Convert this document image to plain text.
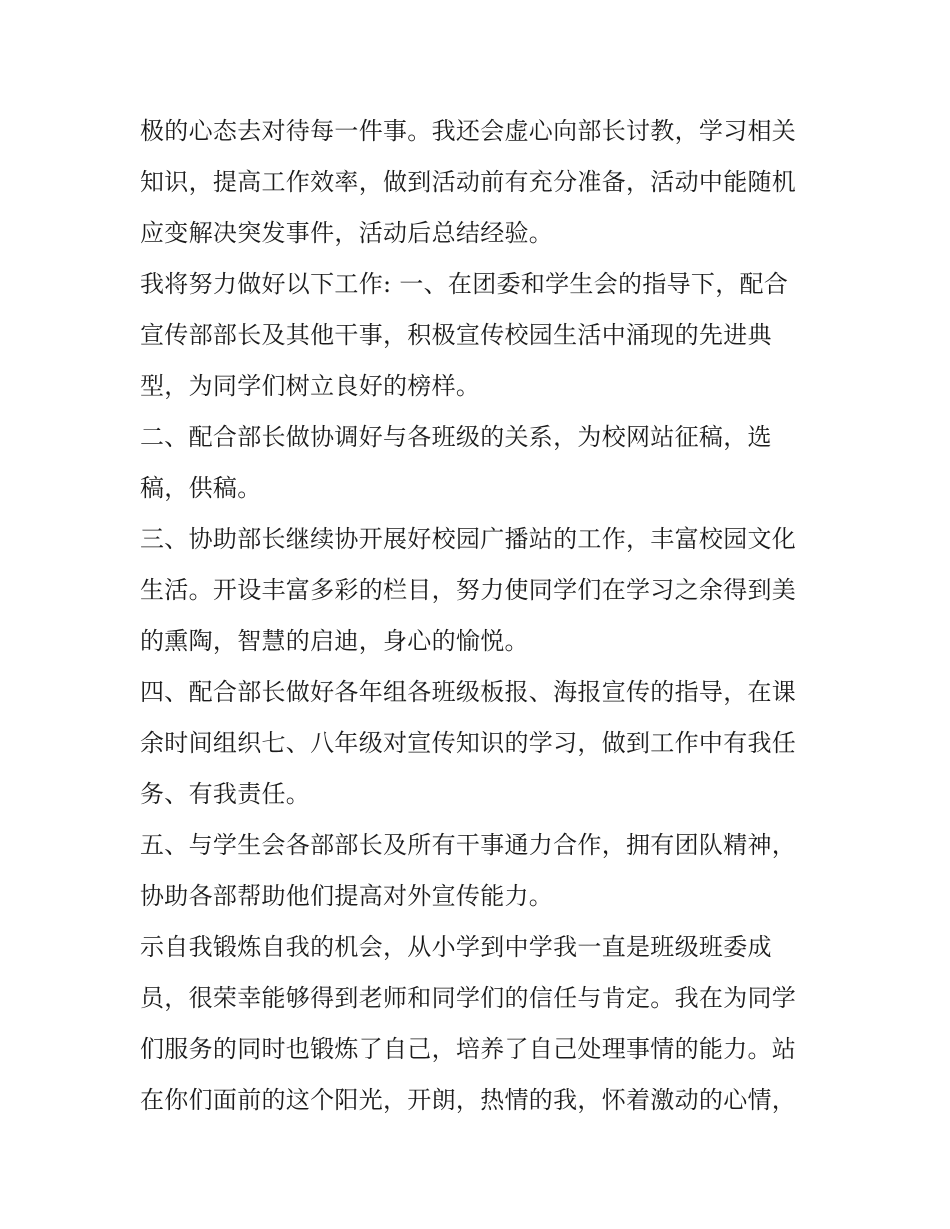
极的心态去对待每一件事。我还会虚心向部长讨教，学习相关
知识，提高工作效率，做到活动前有充分准备，活动中能随机
应变解决突发事件，活动后总结经验。
我将努力做好以下工作: 一、在团委和学生会的指导下，配合
宣传部部长及其他干事，积极宣传校园生活中涌现的先进典
型，为同学们树立良好的榜样。
二、配合部长做协调好与各班级的关系，为校网站征稿，选
稿，供稿。
三、协助部长继续协开展好校园广播站的工作，丰富校园文化
生活。开设丰富多彩的栏目，努力使同学们在学习之余得到美
的熏陶，智慧的启迪，身心的愉悦。
四、配合部长做好各年组各班级板报、海报宣传的指导，在课
余时间组织七、八年级对宣传知识的学习，做到工作中有我任
务、有我责任。
五、与学生会各部部长及所有干事通力合作，拥有团队精神，
协助各部帮助他们提高对外宣传能力。
示自我锻炼自我的机会，从小学到中学我一直是班级班委成
员，很荣幸能够得到老师和同学们的信任与肯定。我在为同学
们服务的同时也锻炼了自己，培养了自己处理事情的能力。站
在你们面前的这个阳光，开朗，热情的我，怀着激动的心情，
